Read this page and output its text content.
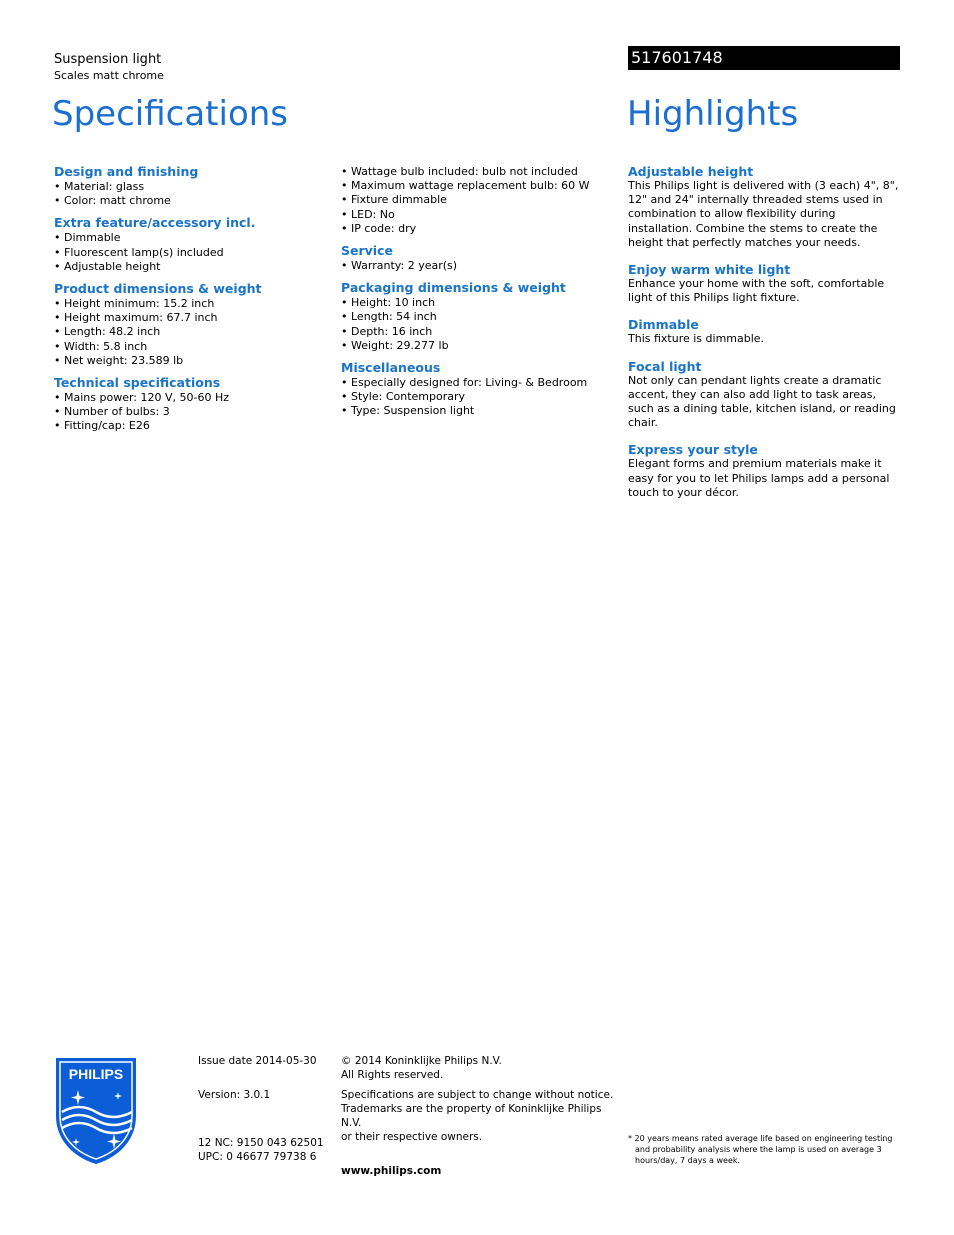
Suspension light
Scales matt chrome
517601748
Specifications	Highlights
Design and finishing
• Material: glass
• Color: matt chrome
Extra feature/accessory incl.
• Dimmable
• Fluorescent lamp(s) included
• Adjustable height
Product dimensions & weight
• Height minimum: 15.2 inch
• Height maximum: 67.7 inch
• Length: 48.2 inch
• Width: 5.8 inch
• Net weight: 23.589 lb
Technical specifications
• Mains power: 120 V, 50-60 Hz
• Number of bulbs: 3
• Fitting/cap: E26
• Wattage bulb included: bulb not included
• Maximum wattage replacement bulb: 60 W
• Fixture dimmable
• LED: No
• IP code: dry
Service
• Warranty: 2 year(s)
Packaging dimensions & weight
• Height: 10 inch
• Length: 54 inch
• Depth: 16 inch
• Weight: 29.277 lb
Miscellaneous
• Especially designed for: Living- & Bedroom
• Style: Contemporary
• Type: Suspension light
Adjustable height

This Philips light is delivered with (3 each) 4", 8", 12" and 24" internally threaded stems used in combination to allow flexibility during installation. Combine the stems to create the height that perfectly matches your needs.

Enjoy warm white light

Enhance your home with the soft, comfortable light of this Philips light fixture.

Dimmable

This fixture is dimmable.

Focal light

Not only can pendant lights create a dramatic accent, they can also add light to task areas, such as a dining table, kitchen island, or reading chair.

Express your style

Elegant forms and premium materials make it easy for you to let Philips lamps add a personal touch to your décor.

PHILIPS
Issue date 2014-05-30
Version: 3.0.1
12 NC: 9150 043 62501
UPC: 0 46677 79738 6
© 2014 Koninklijke Philips N.V.
All Rights reserved.
Specifications are subject to change without notice.
Trademarks are the property of Koninklijke Philips N.V.
or their respective owners.
www.philips.com
* 20 years means rated average life based on engineering testing and probability analysis where the lamp is used on average 3 hours/day, 7 days a week.
